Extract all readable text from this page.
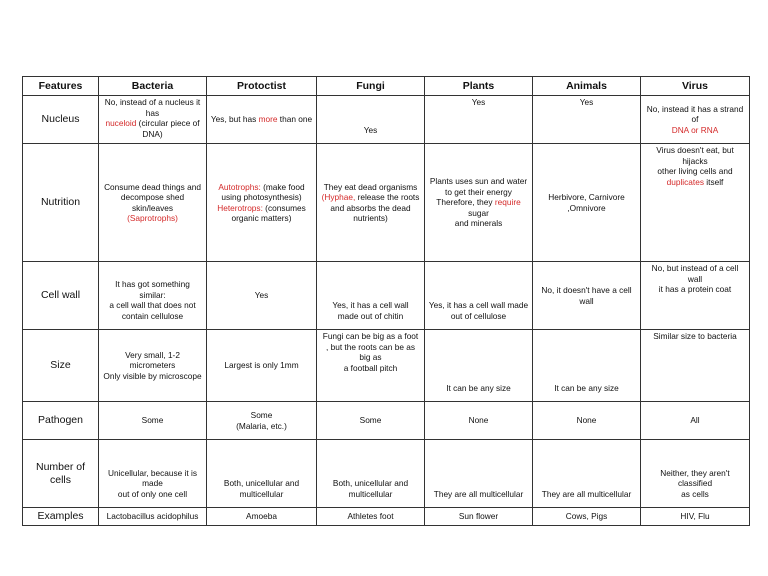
Features	Bacteria	Protoctist	Fungi	Plants	Animals	Virus
Nucleus	No, instead of a nucleus it
has
nuceloid (circular piece of
DNA)	Yes, but has more than one	Yes	Yes	Yes	No, instead it has a strand
of
DNA or RNA
Nutrition	Consume dead things and
decompose shed
skin/leaves
(Saprotrophs)	Autotrophs: (make food
using photosynthesis)
Heterotrops: (consumes
organic matters)	They eat dead organisms
(Hyphae, release the roots
and absorbs the dead
nutrients)	Plants uses sun and water
to get their energy
Therefore, they require
sugar
and minerals	Herbivore, Carnivore
,Omnivore	Virus doesn't eat, but
hijacks
other living cells and
duplicates itself
Cell wall	It has got something
similar:
a cell wall that does not
contain cellulose	Yes	Yes, it has a cell wall
made out of chitin	Yes, it has a cell wall made
out of cellulose	No, it doesn't have a cell
wall	No, but instead of a cell
wall
it has a protein coat
Size	Very small, 1-2
micrometers
Only visible by microscope	Largest is only 1mm	Fungi can be big as a foot
, but the roots can be as
big as
a football pitch	It can be any size	It can be any size	Similar size to bacteria
Pathogen	Some	Some
(Malaria, etc.)	Some	None	None	All
Number of
cells	Unicellular, because it is
made
out of only one cell	Both, unicellular and
multicellular	Both, unicellular and
multicellular	They are all multicellular	They are all multicellular	Neither, they aren't
classified
as cells
Examples	Lactobacillus acidophilus	Amoeba	Athletes foot	Sun flower	Cows, Pigs	HIV, Flu
